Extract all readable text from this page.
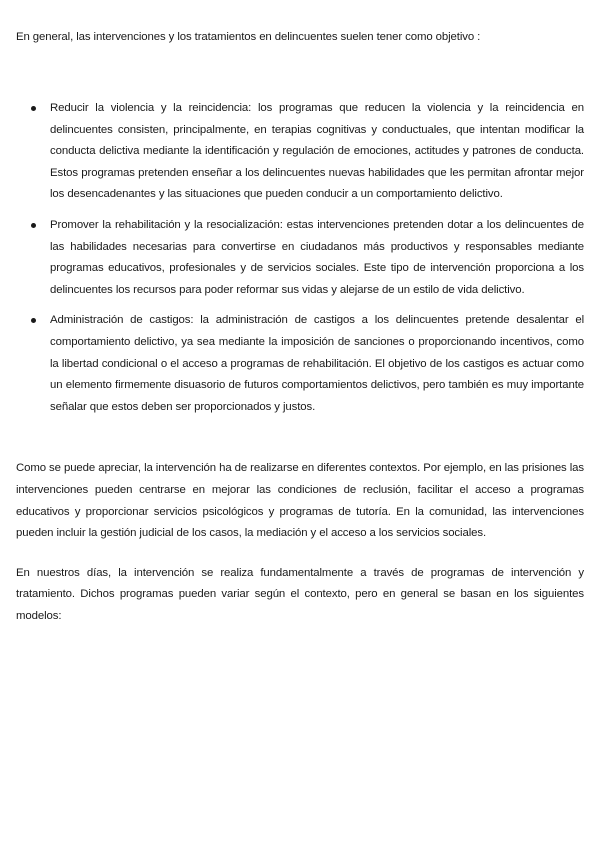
En general, las intervenciones y los tratamientos en delincuentes suelen tener como objetivo :

Reducir la violencia y la reincidencia: los programas que reducen la violencia y la reincidencia en delincuentes consisten, principalmente, en terapias cognitivas y conductuales, que intentan modificar la conducta delictiva mediante la identificación y regulación de emociones, actitudes y patrones de conducta. Estos programas pretenden enseñar a los delincuentes nuevas habilidades que les permitan afrontar mejor los desencadenantes y las situaciones que pueden conducir a un comportamiento delictivo.
Promover la rehabilitación y la resocialización: estas intervenciones pretenden dotar a los delincuentes de las habilidades necesarias para convertirse en ciudadanos más productivos y responsables mediante programas educativos, profesionales y de servicios sociales. Este tipo de intervención proporciona a los delincuentes los recursos para poder reformar sus vidas y alejarse de un estilo de vida delictivo.
Administración de castigos: la administración de castigos a los delincuentes pretende desalentar el comportamiento delictivo, ya sea mediante la imposición de sanciones o proporcionando incentivos, como la libertad condicional o el acceso a programas de rehabilitación. El objetivo de los castigos es actuar como un elemento firmemente disuasorio de futuros comportamientos delictivos, pero también es muy importante señalar que estos deben ser proporcionados y justos.

Como se puede apreciar, la intervención ha de realizarse en diferentes contextos. Por ejemplo, en las prisiones las intervenciones pueden centrarse en mejorar las condiciones de reclusión, facilitar el acceso a programas educativos y proporcionar servicios psicológicos y programas de tutoría. En la comunidad, las intervenciones pueden incluir la gestión judicial de los casos, la mediación y el acceso a los servicios sociales.

En nuestros días, la intervención se realiza fundamentalmente a través de programas de intervención y tratamiento. Dichos programas pueden variar según el contexto, pero en general se basan en los siguientes modelos:
